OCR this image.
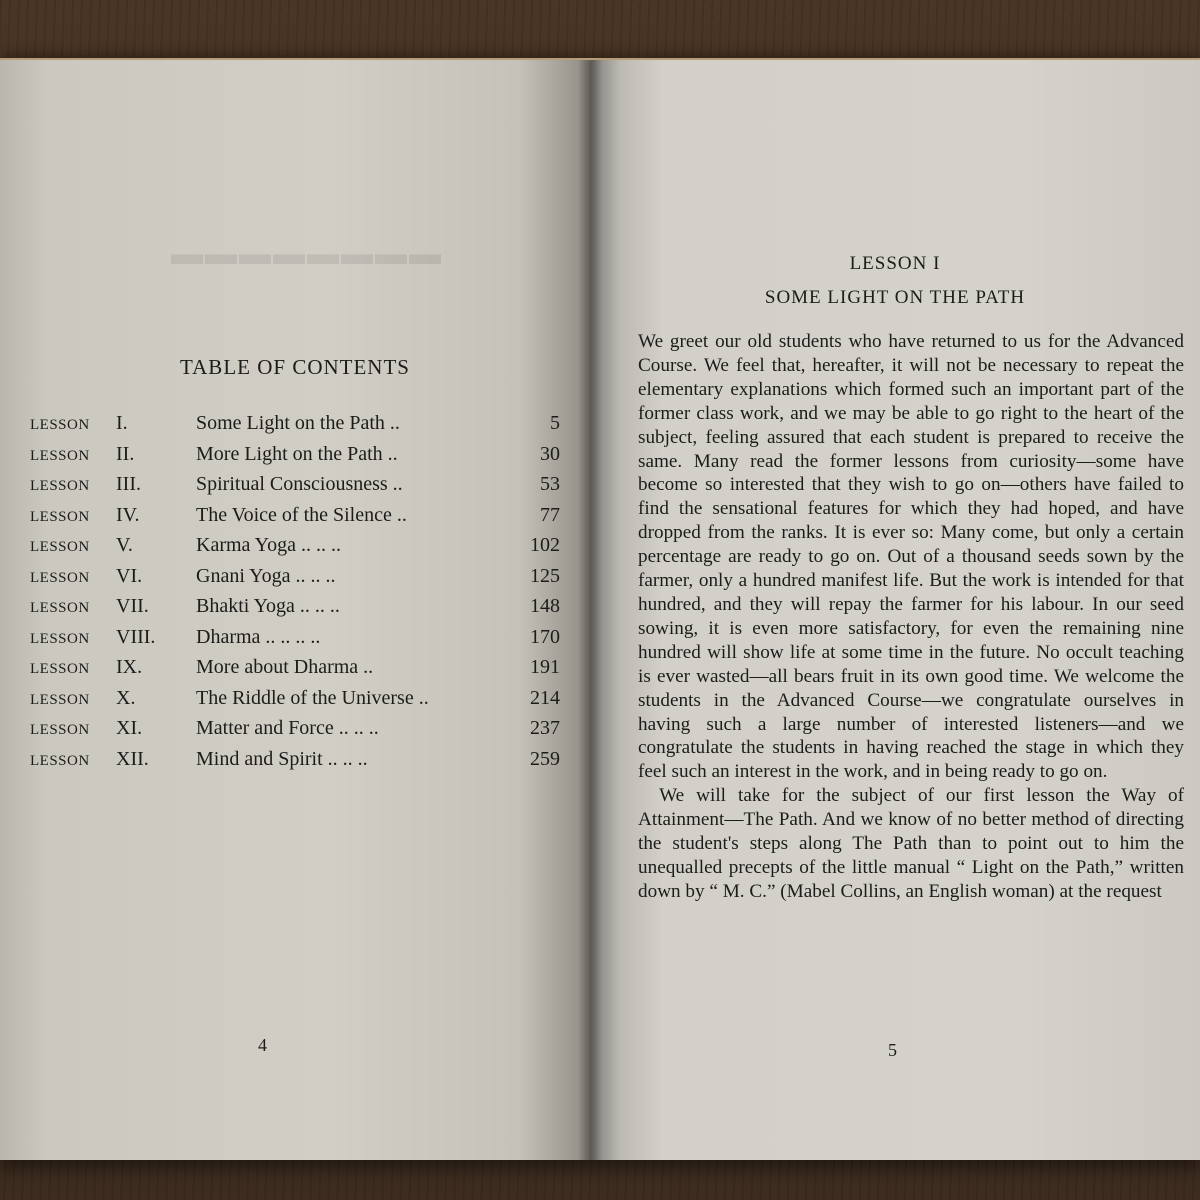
▬▬▬▬▬▬▬▬
TABLE OF CONTENTS
LESSON	I.	Some Light on the Path ..	5
LESSON	II.	More Light on the Path ..	30
LESSON	III.	Spiritual Consciousness ..	53
LESSON	IV.	The Voice of the Silence ..	77
LESSON	V.	Karma Yoga .. .. ..	102
LESSON	VI.	Gnani Yoga .. .. ..	125
LESSON	VII.	Bhakti Yoga .. .. ..	148
LESSON	VIII.	Dharma .. .. .. ..	170
LESSON	IX.	More about Dharma ..	191
LESSON	X.	The Riddle of the Universe ..	214
LESSON	XI.	Matter and Force .. .. ..	237
LESSON	XII.	Mind and Spirit .. .. ..	259
4
LESSON I
SOME LIGHT ON THE PATH

We greet our old students who have returned to us for the Advanced Course. We feel that, hereafter, it will not be necessary to repeat the elementary explanations which formed such an important part of the former class work, and we may be able to go right to the heart of the subject, feeling assured that each student is prepared to receive the same. Many read the former lessons from curiosity—some have become so interested that they wish to go on—others have failed to find the sensational features for which they had hoped, and have dropped from the ranks. It is ever so: Many come, but only a certain percentage are ready to go on. Out of a thousand seeds sown by the farmer, only a hundred manifest life. But the work is intended for that hundred, and they will repay the farmer for his labour. In our seed sowing, it is even more satisfactory, for even the remaining nine hundred will show life at some time in the future. No occult teaching is ever wasted—all bears fruit in its own good time. We welcome the students in the Advanced Course—we congratulate ourselves in having such a large number of interested listeners—and we congratulate the students in having reached the stage in which they feel such an interest in the work, and in being ready to go on.

We will take for the subject of our first lesson the Way of Attainment—The Path. And we know of no better method of directing the student's steps along The Path than to point out to him the unequalled precepts of the little manual “ Light on the Path,” written down by “ M. C.” (Mabel Collins, an English woman) at the request

5
